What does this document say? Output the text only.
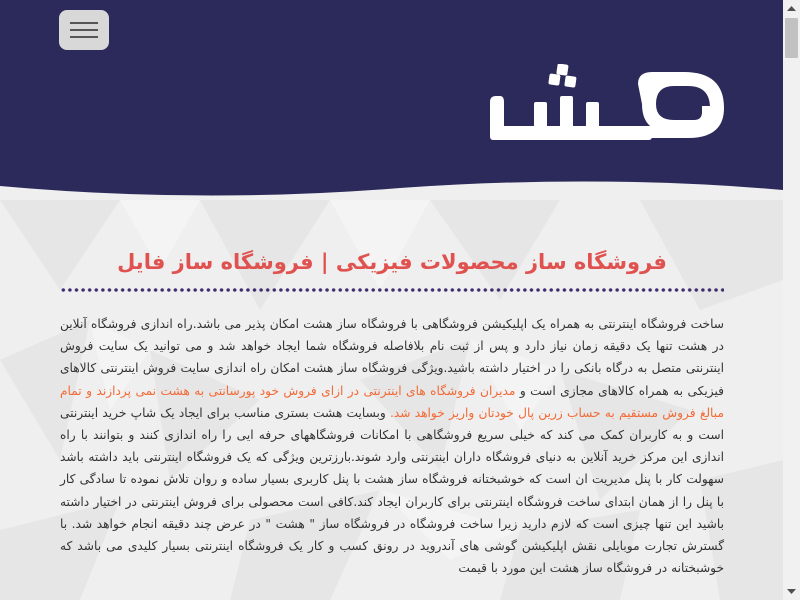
فروشگاه ساز محصولات فیزیکی | فروشگاه ساز فایل
ساخت فروشگاه اینترنتی به همراه یک اپلیکیشن فروشگاهی با فروشگاه ساز هشت امکان پذیر می باشد.راه اندازی فروشگاه آنلاین در هشت تنها یک دقیقه زمان نیاز دارد و پس از ثبت نام بلافاصله فروشگاه شما ایجاد خواهد شد و می توانید یک سایت فروش اینترنتی متصل به درگاه بانکی را در اختیار داشته باشید.ویژگی فروشگاه ساز هشت امکان راه اندازی سایت فروش اینترنتی کالاهای فیزیکی به همراه کالاهای مجازی است و مدیران فروشگاه های اینترنتی در ازای فروش خود پورسانتی به هشت نمی پردازند و تمام مبالغ فروش مستقیم به حساب زرین پال خودتان واریز خواهد شد. وبسایت هشت بستری مناسب برای ایجاد یک شاپ خرید اینترنتی است و به کاربران کمک می کند که خیلی سریع فروشگاهی با امکانات فروشگاههای حرفه ایی را راه اندازی کنند و بتوانند با راه اندازی این مرکز خرید آنلاین به دنیای فروشگاه داران اینترنتی وارد شوند.بارزترین ویژگی که یک فروشگاه اینترنتی باید داشته باشد سهولت کار با پنل مدیریت ان است که خوشبختانه فروشگاه ساز هشت با پنل کاربری بسیار ساده و روان تلاش نموده تا سادگی کار با پنل را از همان ابتدای ساخت فروشگاه اینترنتی برای کاربران ایجاد کند.کافی است محصولی برای فروش اینترنتی در اختیار داشته باشید این تنها چیزی است که لازم دارید زیرا ساخت فروشگاه در فروشگاه ساز " هشت " در عرض چند دقیقه انجام خواهد شد. با گسترش تجارت موبایلی نقش اپلیکیشن گوشی های آندروید در رونق کسب و کار یک فروشگاه اینترنتی بسیار کلیدی می باشد که خوشبختانه در فروشگاه ساز هشت این مورد با قیمت
